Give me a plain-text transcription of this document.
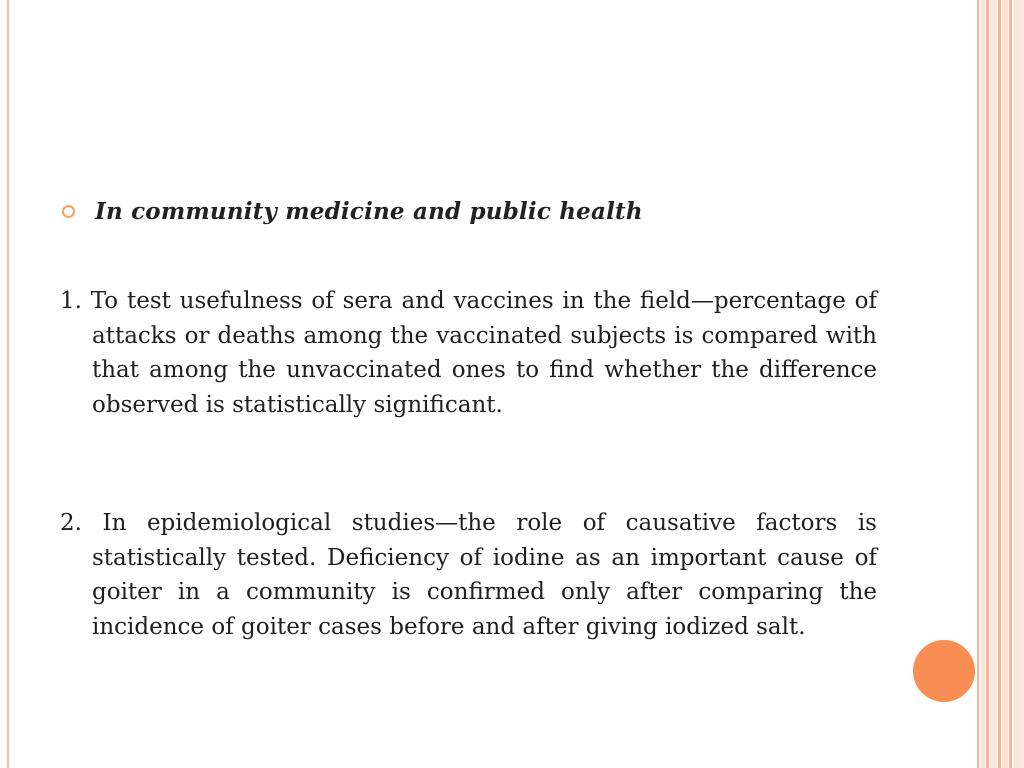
In community medicine and public health
1. To test usefulness of sera and vaccines in the field—percentage of attacks or deaths among the vaccinated subjects is compared with that among the unvaccinated ones to find whether the difference observed is statistically significant.
2. In epidemiological studies—the role of causative factors is statistically tested. Deficiency of iodine as an important cause of goiter in a community is confirmed only after comparing the incidence of goiter cases before and after giving iodized salt.
